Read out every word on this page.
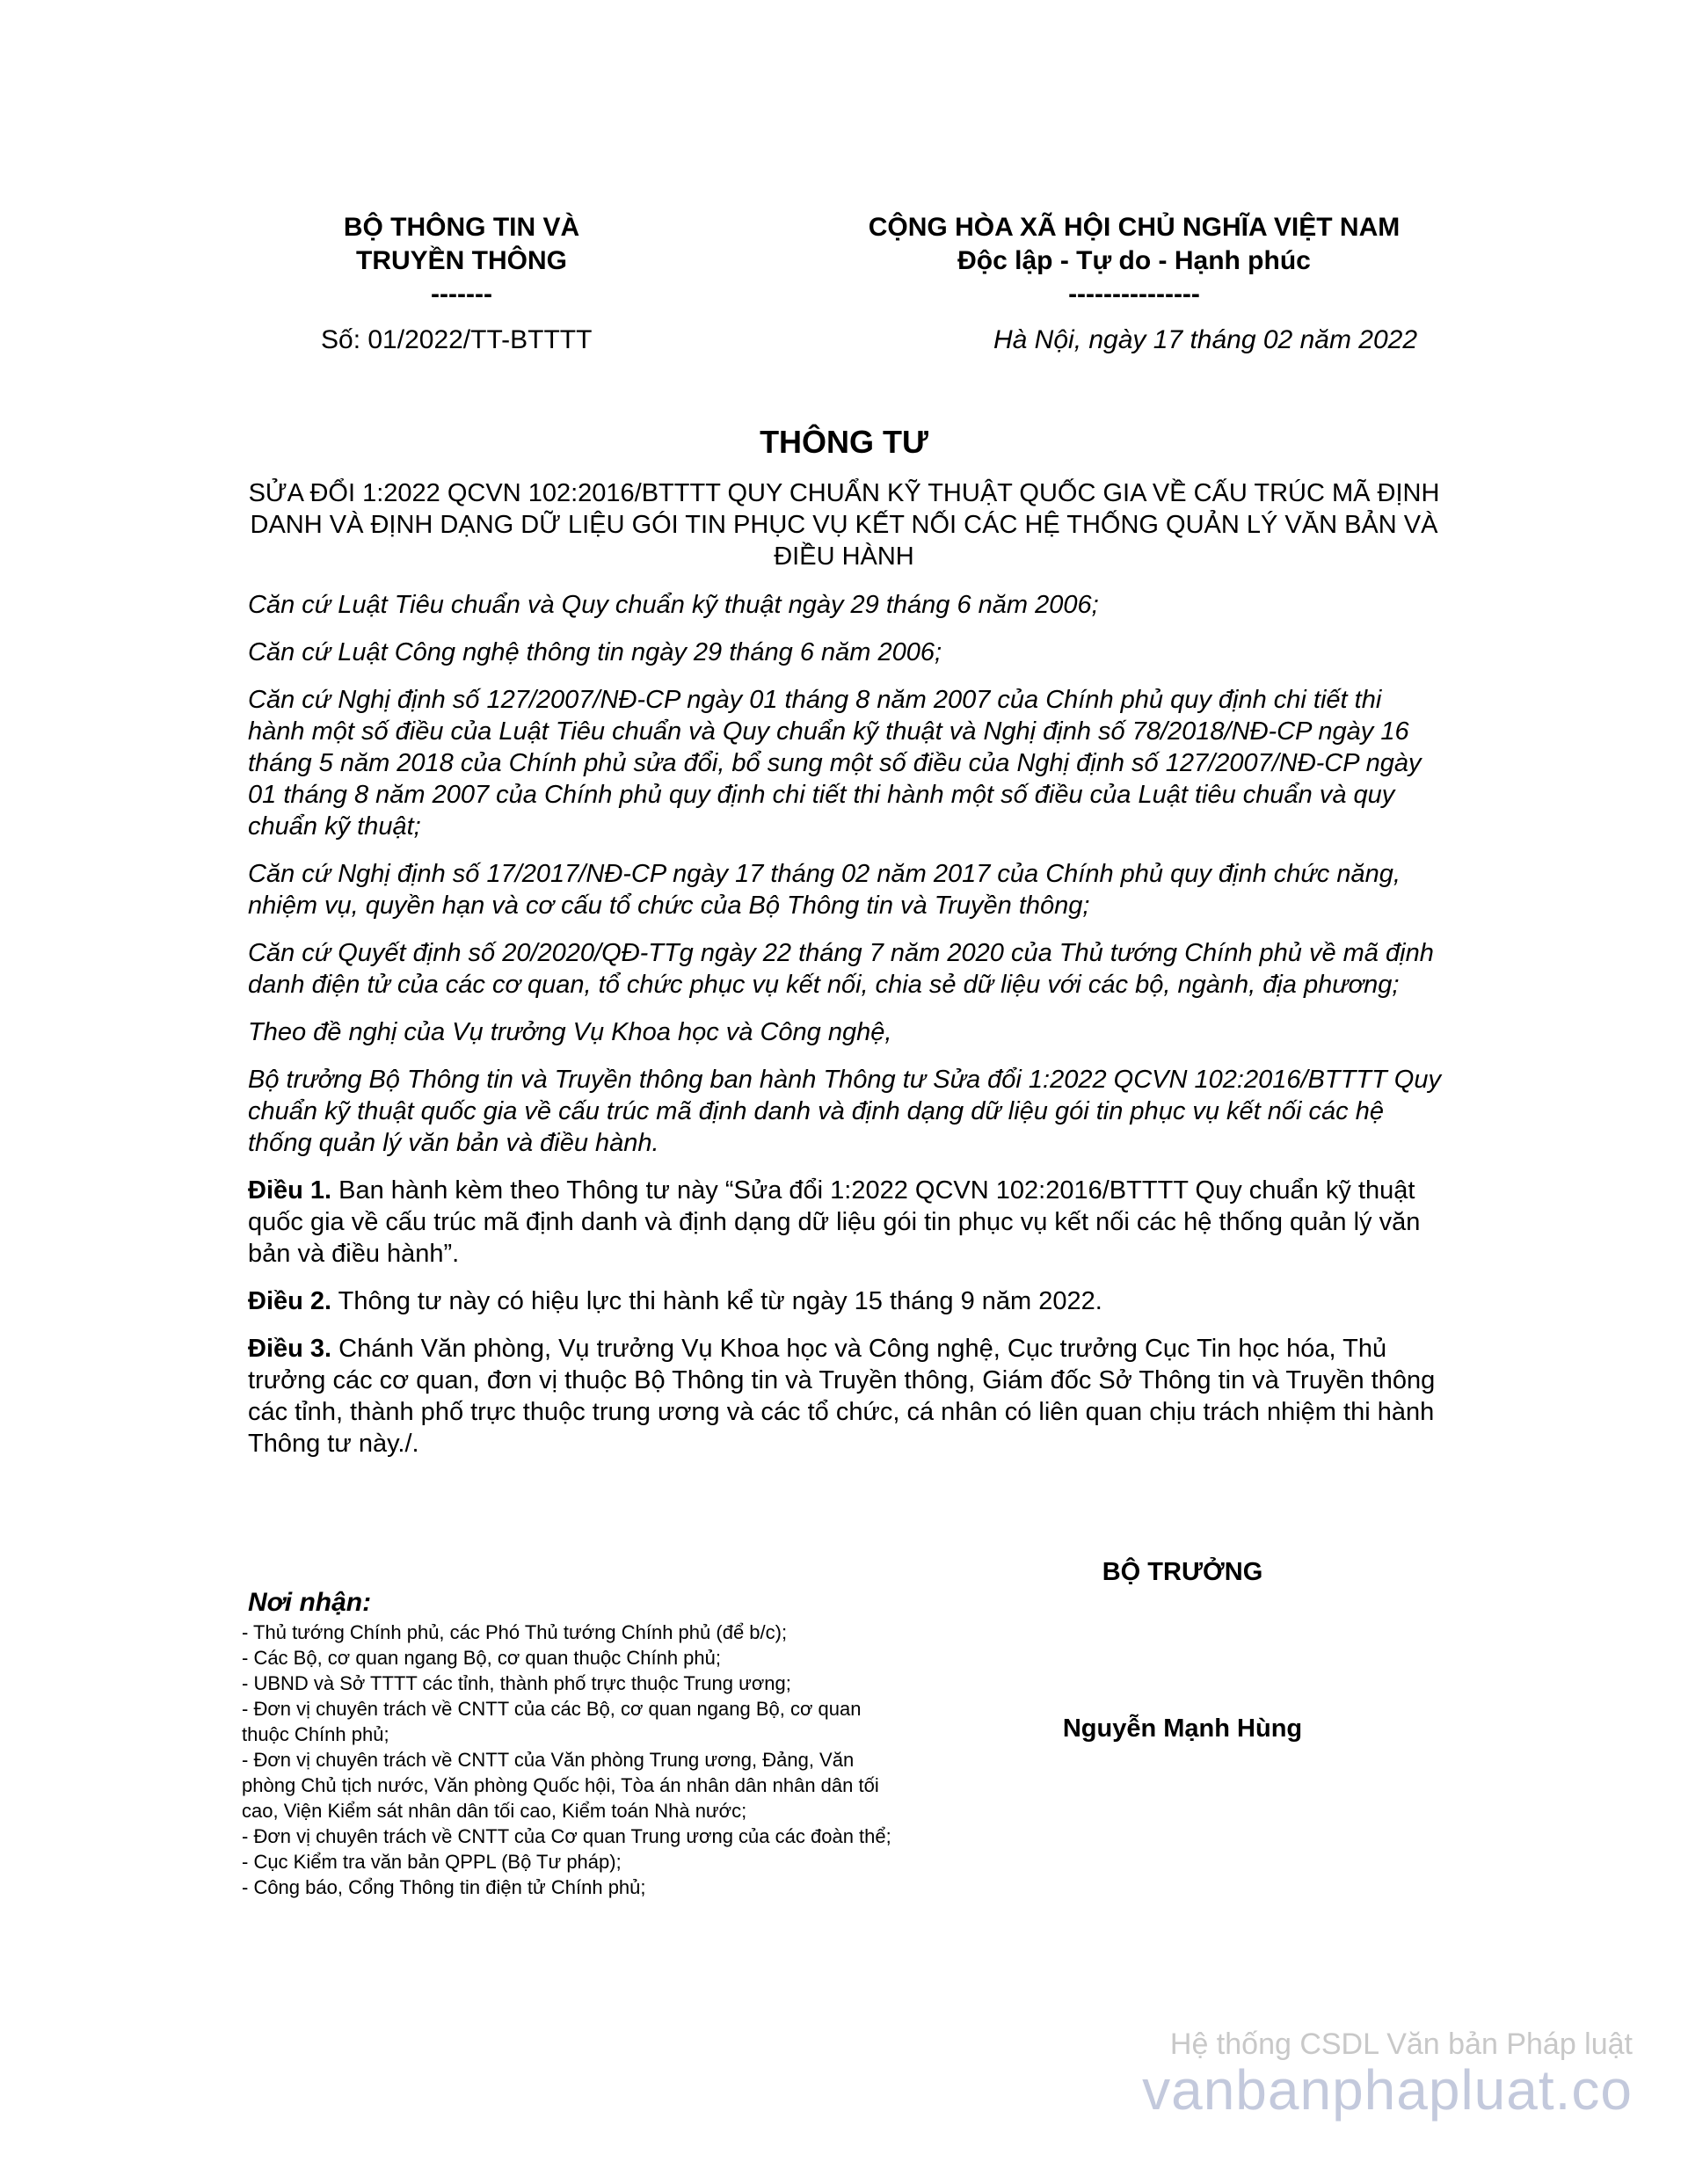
BỘ THÔNG TIN VÀ
TRUYỀN THÔNG
-------
CỘNG HÒA XÃ HỘI CHỦ NGHĨA VIỆT NAM
Độc lập - Tự do - Hạnh phúc
---------------
Số: 01/2022/TT-BTTTT	Hà Nội, ngày 17 tháng 02 năm 2022
THÔNG TƯ
SỬA ĐỔI 1:2022 QCVN 102:2016/BTTTT QUY CHUẨN KỸ THUẬT QUỐC GIA VỀ CẤU TRÚC MÃ ĐỊNH DANH VÀ ĐỊNH DẠNG DỮ LIỆU GÓI TIN PHỤC VỤ KẾT NỐI CÁC HỆ THỐNG QUẢN LÝ VĂN BẢN VÀ ĐIỀU HÀNH

Căn cứ Luật Tiêu chuẩn và Quy chuẩn kỹ thuật ngày 29 tháng 6 năm 2006;

Căn cứ Luật Công nghệ thông tin ngày 29 tháng 6 năm 2006;

Căn cứ Nghị định số 127/2007/NĐ-CP ngày 01 tháng 8 năm 2007 của Chính phủ quy định chi tiết thi hành một số điều của Luật Tiêu chuẩn và Quy chuẩn kỹ thuật và Nghị định số 78/2018/NĐ-CP ngày 16 tháng 5 năm 2018 của Chính phủ sửa đổi, bổ sung một số điều của Nghị định số 127/2007/NĐ-CP ngày 01 tháng 8 năm 2007 của Chính phủ quy định chi tiết thi hành một số điều của Luật tiêu chuẩn và quy chuẩn kỹ thuật;

Căn cứ Nghị định số 17/2017/NĐ-CP ngày 17 tháng 02 năm 2017 của Chính phủ quy định chức năng, nhiệm vụ, quyền hạn và cơ cấu tổ chức của Bộ Thông tin và Truyền thông;

Căn cứ Quyết định số 20/2020/QĐ-TTg ngày 22 tháng 7 năm 2020 của Thủ tướng Chính phủ về mã định danh điện tử của các cơ quan, tổ chức phục vụ kết nối, chia sẻ dữ liệu với các bộ, ngành, địa phương;

Theo đề nghị của Vụ trưởng Vụ Khoa học và Công nghệ,

Bộ trưởng Bộ Thông tin và Truyền thông ban hành Thông tư Sửa đổi 1:2022 QCVN 102:2016/BTTTT Quy chuẩn kỹ thuật quốc gia về cấu trúc mã định danh và định dạng dữ liệu gói tin phục vụ kết nối các hệ thống quản lý văn bản và điều hành.

Điều 1. Ban hành kèm theo Thông tư này “Sửa đổi 1:2022 QCVN 102:2016/BTTTT Quy chuẩn kỹ thuật quốc gia về cấu trúc mã định danh và định dạng dữ liệu gói tin phục vụ kết nối các hệ thống quản lý văn bản và điều hành”.

Điều 2. Thông tư này có hiệu lực thi hành kể từ ngày 15 tháng 9 năm 2022.

Điều 3. Chánh Văn phòng, Vụ trưởng Vụ Khoa học và Công nghệ, Cục trưởng Cục Tin học hóa, Thủ trưởng các cơ quan, đơn vị thuộc Bộ Thông tin và Truyền thông, Giám đốc Sở Thông tin và Truyền thông các tỉnh, thành phố trực thuộc trung ương và các tổ chức, cá nhân có liên quan chịu trách nhiệm thi hành Thông tư này./.

BỘ TRƯỞNG
Nguyễn Mạnh Hùng
Nơi nhận:
- Thủ tướng Chính phủ, các Phó Thủ tướng Chính phủ (để b/c);
- Các Bộ, cơ quan ngang Bộ, cơ quan thuộc Chính phủ;
- UBND và Sở TTTT các tỉnh, thành phố trực thuộc Trung ương;
- Đơn vị chuyên trách về CNTT của các Bộ, cơ quan ngang Bộ, cơ quan thuộc Chính phủ;
- Đơn vị chuyên trách về CNTT của Văn phòng Trung ương, Đảng, Văn phòng Chủ tịch nước, Văn phòng Quốc hội, Tòa án nhân dân nhân dân tối cao, Viện Kiểm sát nhân dân tối cao, Kiểm toán Nhà nước;
- Đơn vị chuyên trách về CNTT của Cơ quan Trung ương của các đoàn thể;
- Cục Kiểm tra văn bản QPPL (Bộ Tư pháp);
- Công báo, Cổng Thông tin điện tử Chính phủ;
Hệ thống CSDL Văn bản Pháp luật
vanbanphapluat.co
